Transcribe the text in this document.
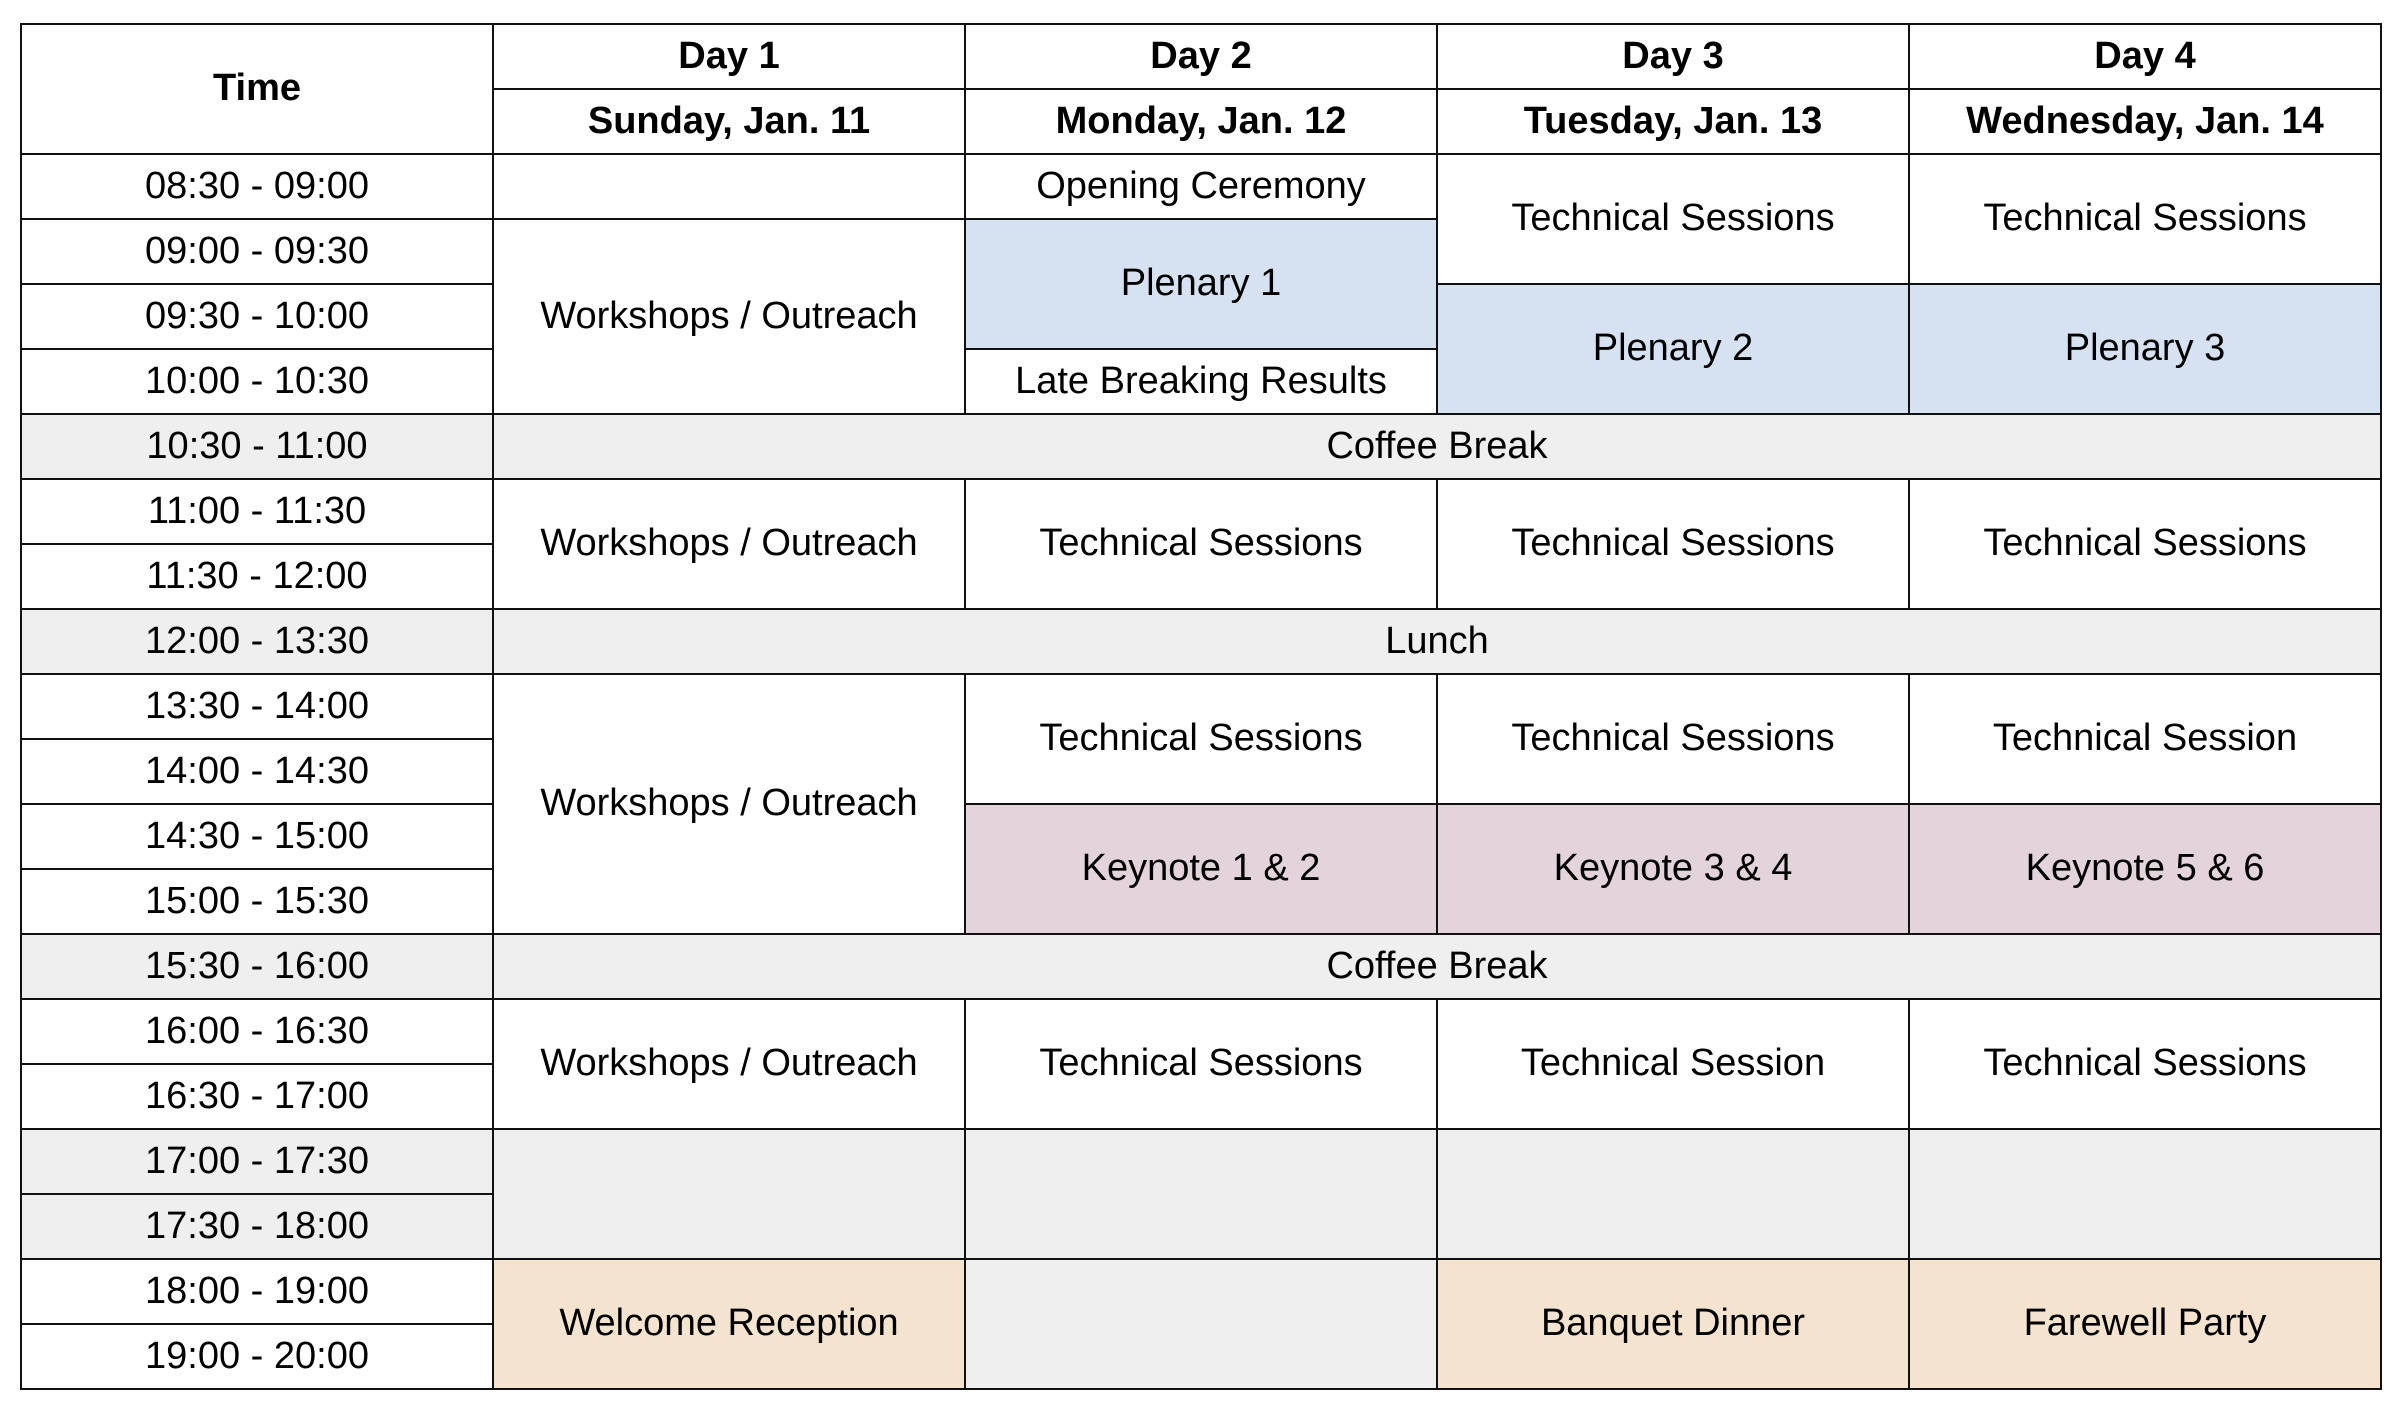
Time	Day 1	Day 2	Day 3	Day 4
	Sunday, Jan. 11	Monday, Jan. 12	Tuesday, Jan. 13	Wednesday, Jan. 14
08:30 - 09:00		Opening Ceremony	Technical Sessions	Technical Sessions
09:00 - 09:30	Workshops / Outreach	Plenary 1		
09:30 - 10:00			Plenary 2	Plenary 3
10:00 - 10:30		Late Breaking Results		
10:30 - 11:00	Coffee Break			
11:00 - 11:30	Workshops / Outreach	Technical Sessions	Technical Sessions	Technical Sessions
11:30 - 12:00				
12:00 - 13:30	Lunch			
13:30 - 14:00	Workshops / Outreach	Technical Sessions	Technical Sessions	Technical Session
14:00 - 14:30				
14:30 - 15:00		Keynote 1 & 2	Keynote 3 & 4	Keynote 5 & 6
15:00 - 15:30				
15:30 - 16:00	Coffee Break			
16:00 - 16:30	Workshops / Outreach	Technical Sessions	Technical Session	Technical Sessions
16:30 - 17:00				
17:00 - 17:30				
17:30 - 18:00				
18:00 - 19:00	Welcome Reception		Banquet Dinner	Farewell Party
19:00 - 20:00				
